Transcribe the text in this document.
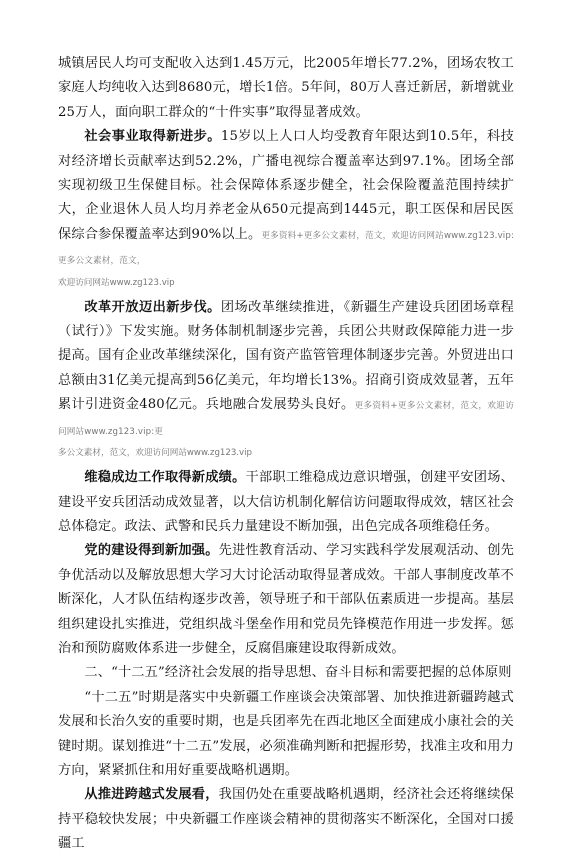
城镇居民人均可支配收入达到1.45万元，比2005年增长77.2%，团场农牧工家庭人均纯收入达到8680元，增长1倍。5年间，80万人喜迁新居，新增就业25万人，面向职工群众的“十件实事”取得显著成效。

社会事业取得新进步。15岁以上人口人均受教育年限达到10.5年，科技对经济增长贡献率达到52.2%，广播电视综合覆盖率达到97.1%。团场全部实现初级卫生保健目标。社会保障体系逐步健全，社会保险覆盖范围持续扩大，企业退休人员人均月养老金从650元提高到1445元，职工医保和居民医保综合参保覆盖率达到90%以上。更多资料+更多公文素材，范文，欢迎访问网站www.zg123.vip:更多公文素材，范文，

欢迎访问网站www.zg123.vip

改革开放迈出新步伐。团场改革继续推进，《新疆生产建设兵团团场章程（试行）》下发实施。财务体制机制逐步完善，兵团公共财政保障能力进一步提高。国有企业改革继续深化，国有资产监管管理体制逐步完善。外贸进出口总额由31亿美元提高到56亿美元，年均增长13%。招商引资成效显著，五年累计引进资金480亿元。兵地融合发展势头良好。更多资料+更多公文素材，范文，欢迎访问网站www.zg123.vip:更

多公文素材，范文，欢迎访问网站www.zg123.vip

维稳成边工作取得新成绩。干部职工维稳成边意识增强，创建平安团场、建设平安兵团活动成效显著，以大信访机制化解信访问题取得成效，辖区社会总体稳定。政法、武警和民兵力量建设不断加强，出色完成各项维稳任务。

党的建设得到新加强。先进性教育活动、学习实践科学发展观活动、创先争优活动以及解放思想大学习大讨论活动取得显著成效。干部人事制度改革不断深化，人才队伍结构逐步改善，领导班子和干部队伍素质进一步提高。基层组织建设扎实推进，党组织战斗堡垒作用和党员先锋模范作用进一步发挥。惩治和预防腐败体系进一步健全，反腐倡廉建设取得新成效。

二、“十二五”经济社会发展的指导思想、奋斗目标和需要把握的总体原则

“十二五”时期是落实中央新疆工作座谈会决策部署、加快推进新疆跨越式发展和长治久安的重要时期，也是兵团率先在西北地区全面建成小康社会的关键时期。谋划推进“十二五”发展，必须准确判断和把握形势，找准主攻和用力方向，紧紧抓住和用好重要战略机遇期。

从推进跨越式发展看，我国仍处在重要战略机遇期，经济社会还将继续保持平稳较快发展；中央新疆工作座谈会精神的贯彻落实不断深化，全国对口援疆工
